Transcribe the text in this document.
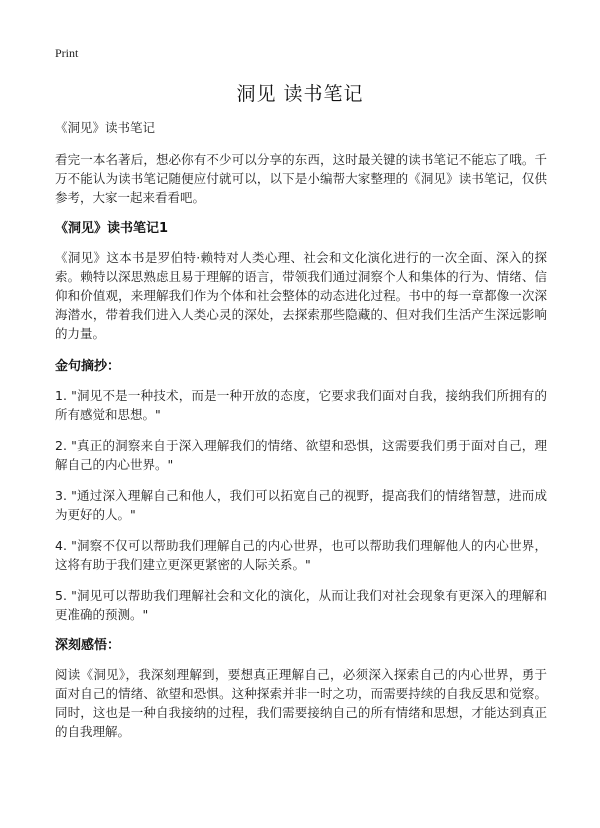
Print
洞见 读书笔记

《洞见》读书笔记

看完一本名著后，想必你有不少可以分享的东西，这时最关键的读书笔记不能忘了哦。千万不能认为读书笔记随便应付就可以，以下是小编帮大家整理的《洞见》读书笔记，仅供参考，大家一起来看看吧。

《洞见》读书笔记1

《洞见》这本书是罗伯特·赖特对人类心理、社会和文化演化进行的一次全面、深入的探索。赖特以深思熟虑且易于理解的语言，带领我们通过洞察个人和集体的行为、情绪、信仰和价值观，来理解我们作为个体和社会整体的动态进化过程。书中的每一章都像一次深海潜水，带着我们进入人类心灵的深处，去探索那些隐藏的、但对我们生活产生深远影响的力量。

金句摘抄：

1. "洞见不是一种技术，而是一种开放的态度，它要求我们面对自我，接纳我们所拥有的所有感觉和思想。"

2. "真正的洞察来自于深入理解我们的情绪、欲望和恐惧，这需要我们勇于面对自己，理解自己的内心世界。"

3. "通过深入理解自己和他人，我们可以拓宽自己的视野，提高我们的情绪智慧，进而成为更好的人。"

4. "洞察不仅可以帮助我们理解自己的内心世界，也可以帮助我们理解他人的内心世界，这将有助于我们建立更深更紧密的人际关系。"

5. "洞见可以帮助我们理解社会和文化的演化，从而让我们对社会现象有更深入的理解和更准确的预测。"

深刻感悟：

阅读《洞见》，我深刻理解到，要想真正理解自己，必须深入探索自己的内心世界，勇于面对自己的情绪、欲望和恐惧。这种探索并非一时之功，而需要持续的自我反思和觉察。同时，这也是一种自我接纳的过程，我们需要接纳自己的所有情绪和思想，才能达到真正的自我理解。
